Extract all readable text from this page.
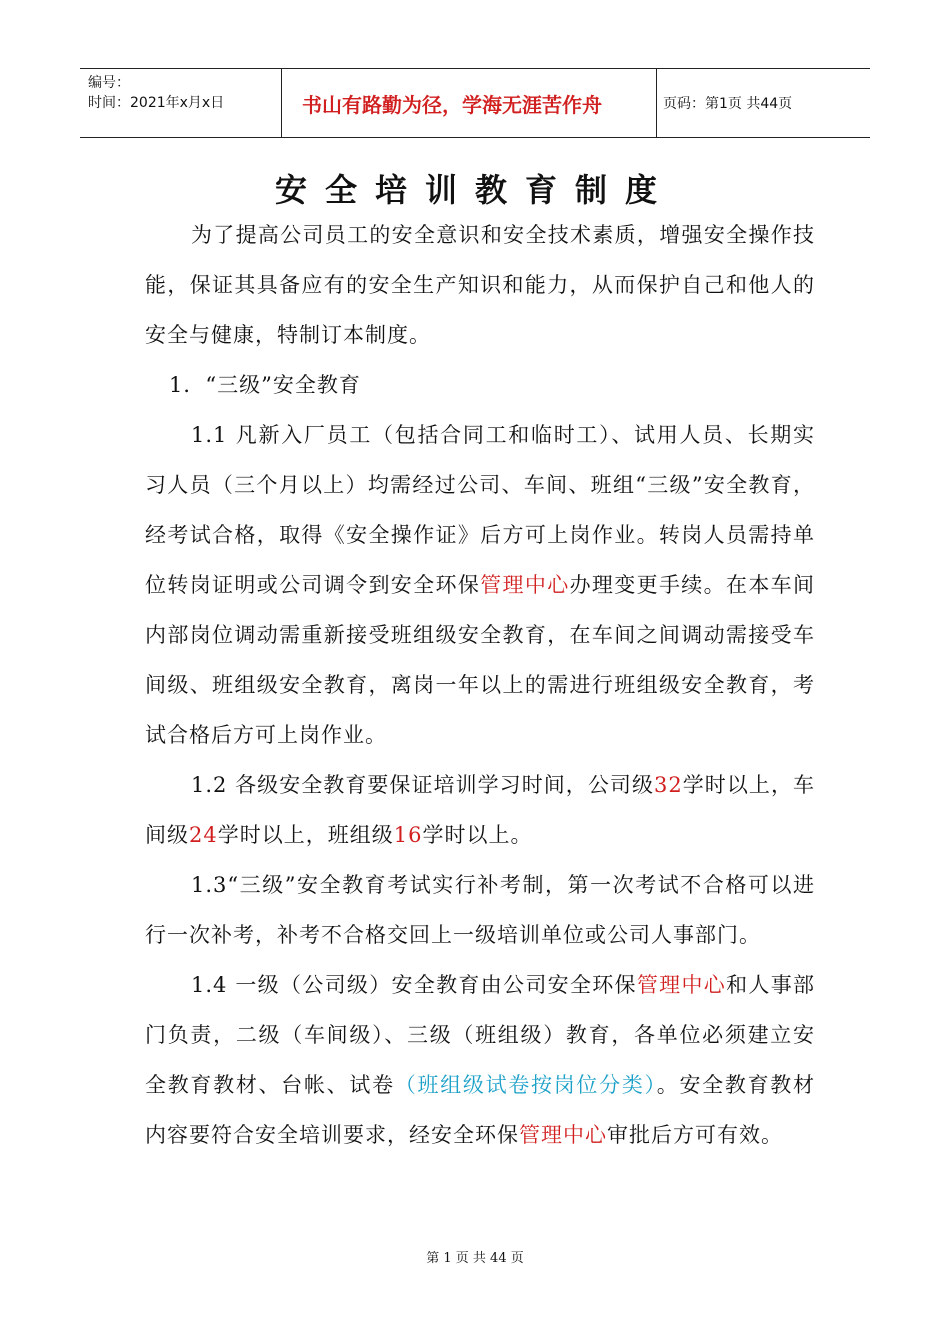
编号：
时间：2021年x月x日	书山有路勤为径，学海无涯苦作舟	页码：第1页 共44页
安全培训教育制度

为了提高公司员工的安全意识和安全技术素质，增强安全操作技能，保证其具备应有的安全生产知识和能力，从而保护自己和他人的安全与健康，特制订本制度。

1．“三级”安全教育

1.1 凡新入厂员工（包括合同工和临时工）、试用人员、长期实习人员（三个月以上）均需经过公司、车间、班组“三级”安全教育，经考试合格，取得《安全操作证》后方可上岗作业。转岗人员需持单位转岗证明或公司调令到安全环保管理中心办理变更手续。在本车间内部岗位调动需重新接受班组级安全教育，在车间之间调动需接受车间级、班组级安全教育，离岗一年以上的需进行班组级安全教育，考试合格后方可上岗作业。

1.2 各级安全教育要保证培训学习时间，公司级32学时以上，车间级24学时以上，班组级16学时以上。

1.3“三级”安全教育考试实行补考制，第一次考试不合格可以进行一次补考，补考不合格交回上一级培训单位或公司人事部门。

1.4 一级（公司级）安全教育由公司安全环保管理中心和人事部门负责，二级（车间级）、三级（班组级）教育，各单位必须建立安全教育教材、台帐、试卷（班组级试卷按岗位分类）。安全教育教材内容要符合安全培训要求，经安全环保管理中心审批后方可有效。

第 1 页 共 44 页
